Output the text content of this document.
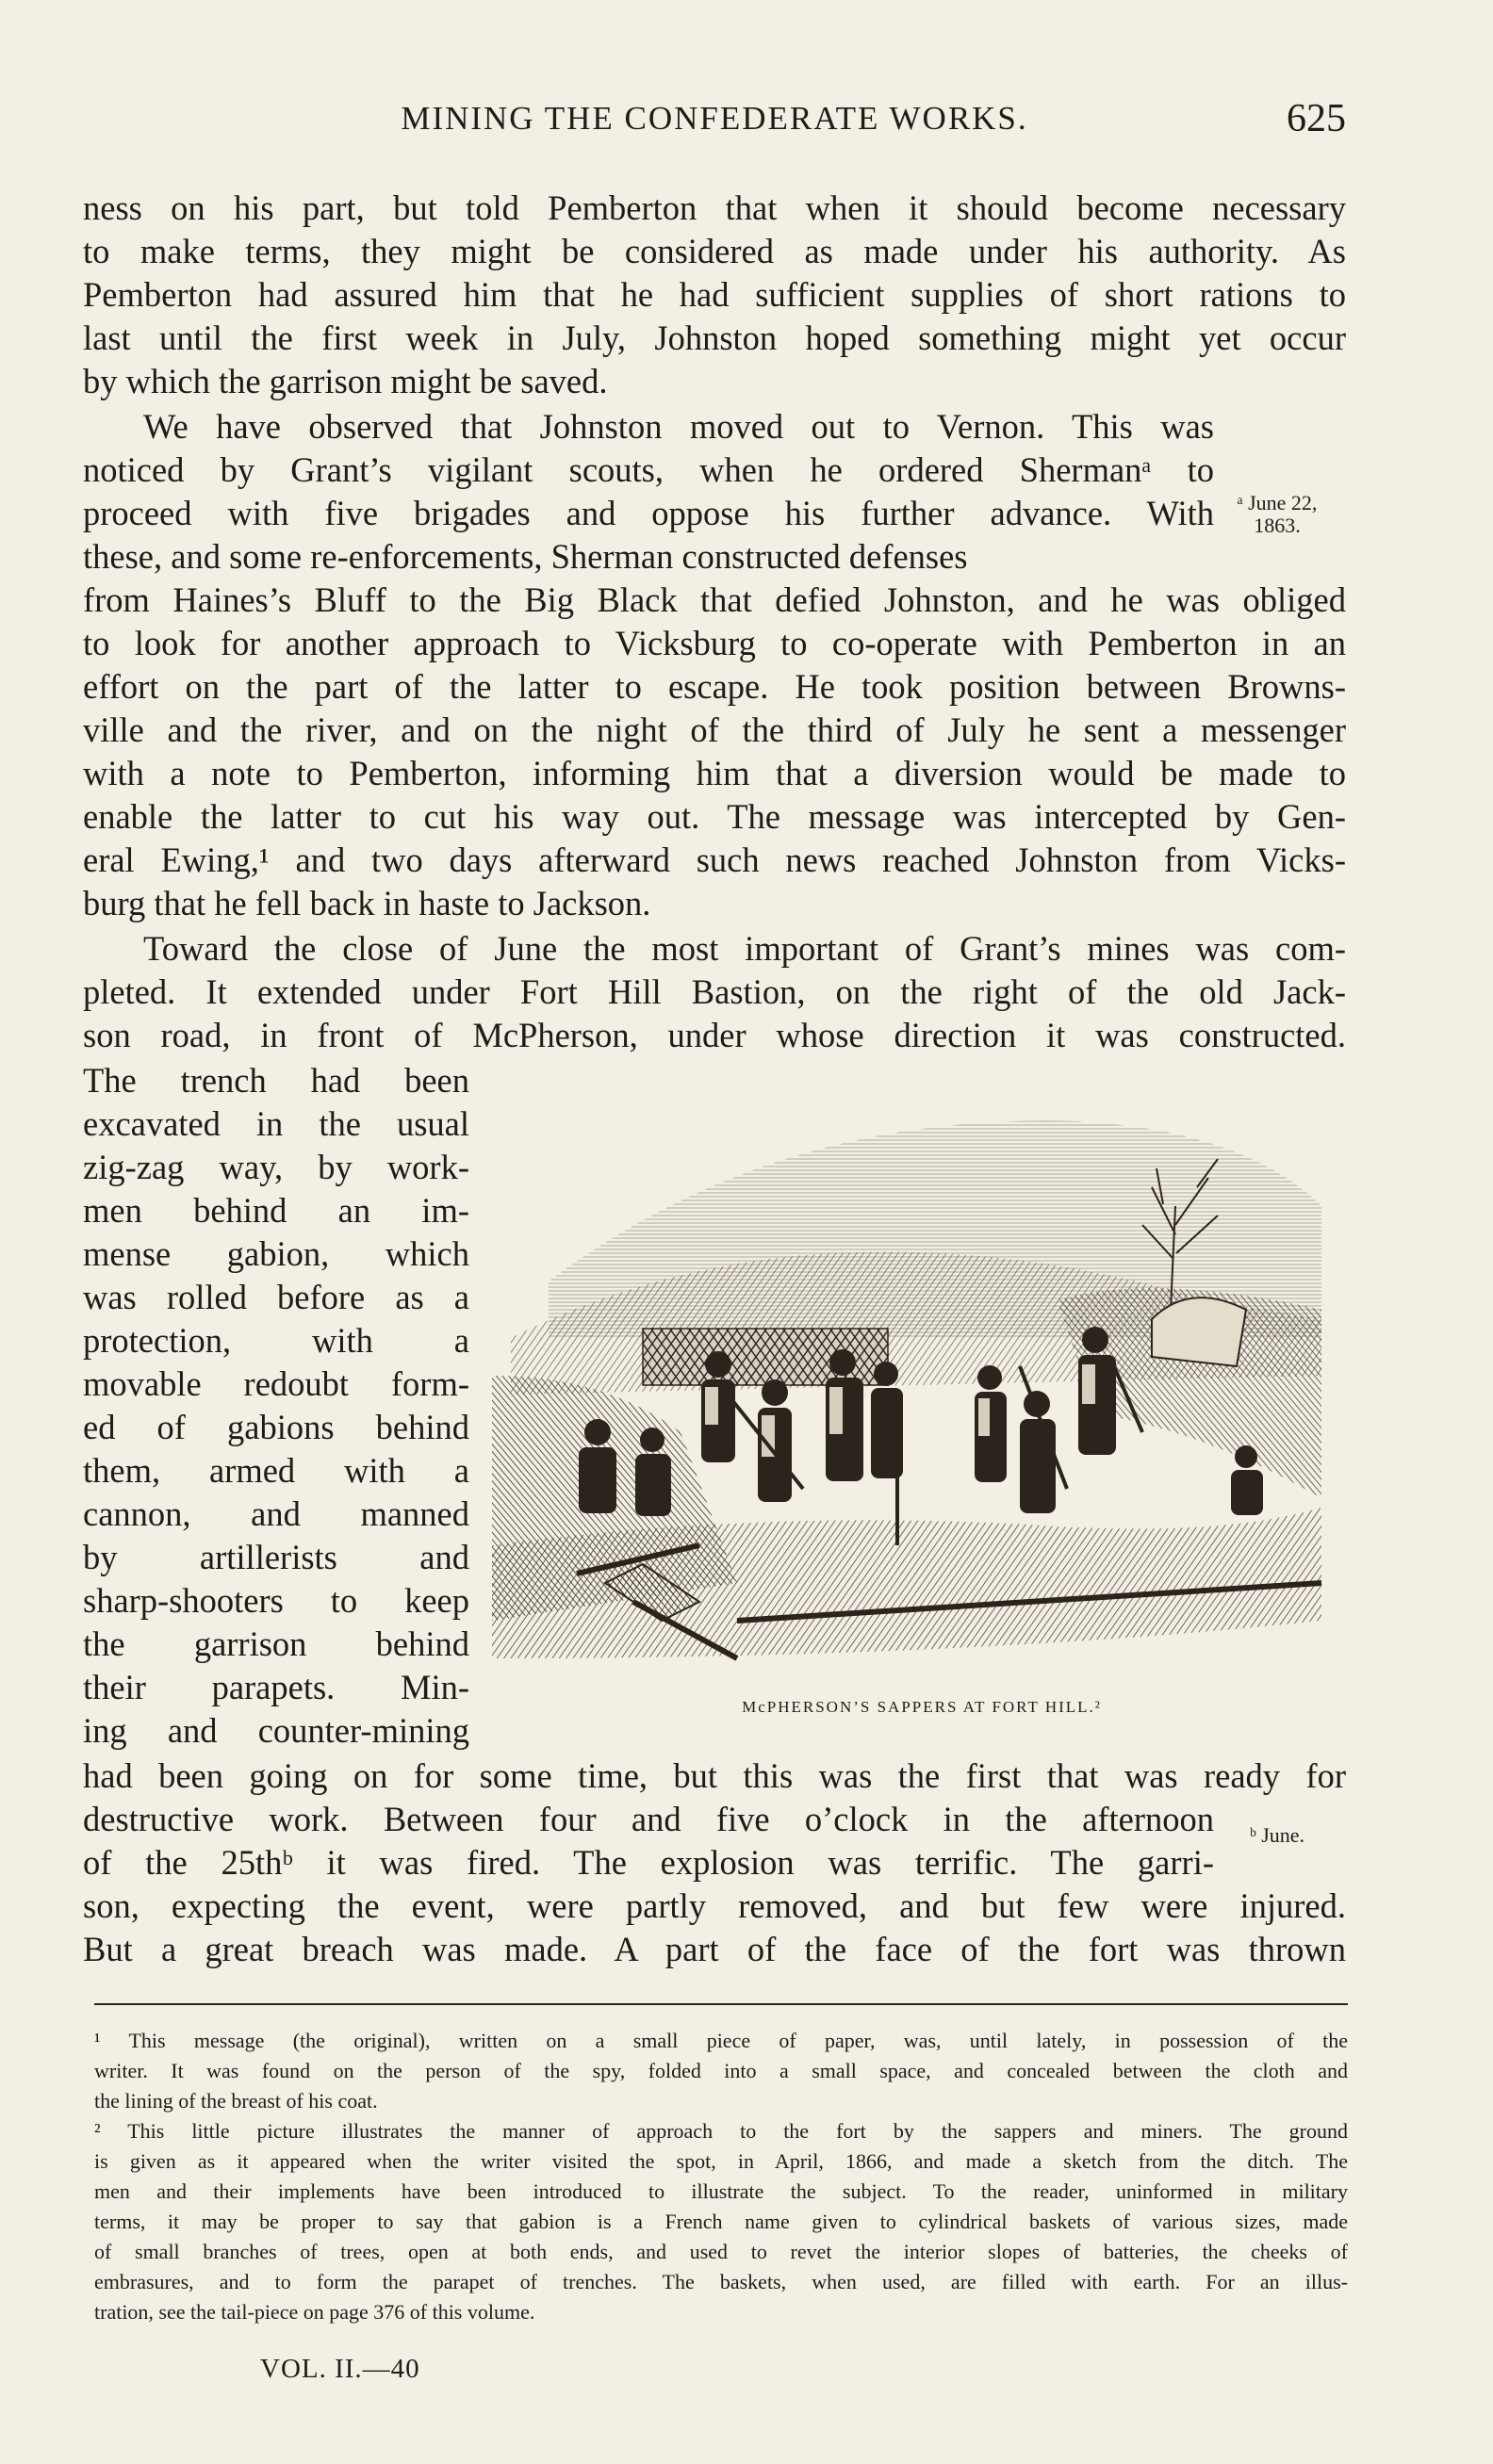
MINING THE CONFEDERATE WORKS.	625
ness on his part, but told Pemberton that when it should become necessary
to make terms, they might be considered as made under his authority. As
Pemberton had assured him that he had sufficient supplies of short rations to
last until the first week in July, Johnston hoped something might yet occur
by which the garrison might be saved.
We have observed that Johnston moved out to Vernon. This was
noticed by Grant’s vigilant scouts, when he ordered Shermanᵃ to
proceed with five brigades and oppose his further advance. With
these, and some re-enforcements, Sherman constructed defenses
from Haines’s Bluff to the Big Black that defied Johnston, and he was obliged
to look for another approach to Vicksburg to co-operate with Pemberton in an
effort on the part of the latter to escape. He took position between Browns-
ville and the river, and on the night of the third of July he sent a messenger
with a note to Pemberton, informing him that a diversion would be made to
enable the latter to cut his way out. The message was intercepted by Gen-
eral Ewing,¹ and two days afterward such news reached Johnston from Vicks-
burg that he fell back in haste to Jackson.
Toward the close of June the most important of Grant’s mines was com-
pleted. It extended under Fort Hill Bastion, on the right of the old Jack-
son road, in front of McPherson, under whose direction it was constructed.
The trench had been
excavated in the usual
zig-zag way, by work-
men behind an im-
mense gabion, which
was rolled before as a
protection, with a
movable redoubt form-
ed of gabions behind
them, armed with a
cannon, and manned
by artillerists and
sharp-shooters to keep
the garrison behind
their parapets. Min-
ing and counter-mining
had been going on for some time, but this was the first that was ready for
destructive work. Between four and five o’clock in the afternoon
of the 25thᵇ it was fired. The explosion was terrific. The garri-
son, expecting the event, were partly removed, and but few were injured.
But a great breach was made. A part of the face of the fort was thrown
ᵃ June 22,
1863.
ᵇ June.
McPHERSON’S SAPPERS AT FORT HILL.²
¹ This message (the original), written on a small piece of paper, was, until lately, in possession of the
writer. It was found on the person of the spy, folded into a small space, and concealed between the cloth and
the lining of the breast of his coat.
² This little picture illustrates the manner of approach to the fort by the sappers and miners. The ground
is given as it appeared when the writer visited the spot, in April, 1866, and made a sketch from the ditch. The
men and their implements have been introduced to illustrate the subject. To the reader, uninformed in military
terms, it may be proper to say that gabion is a French name given to cylindrical baskets of various sizes, made
of small branches of trees, open at both ends, and used to revet the interior slopes of batteries, the cheeks of
embrasures, and to form the parapet of trenches. The baskets, when used, are filled with earth. For an illus-
tration, see the tail-piece on page 376 of this volume.
VOL. II.—40
